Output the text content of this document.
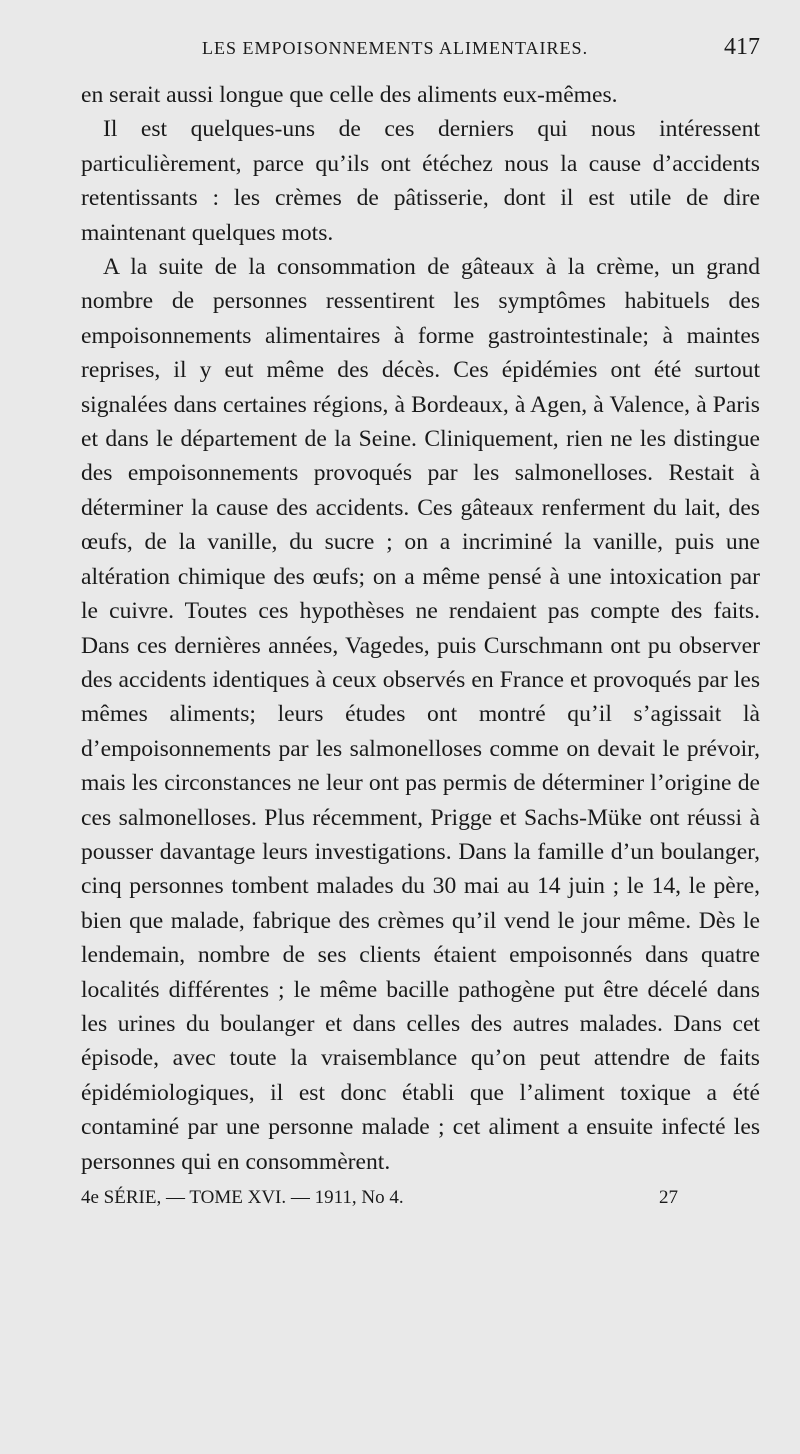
LES EMPOISONNEMENTS ALIMENTAIRES.	417

en serait aussi longue que celle des aliments eux-mêmes.

Il est quelques-uns de ces derniers qui nous intéressent particulièrement, parce qu’ils ont étéchez nous la cause d’accidents retentissants : les crèmes de pâtisserie, dont il est utile de dire maintenant quelques mots.

A la suite de la consommation de gâteaux à la crème, un grand nombre de personnes ressentirent les symptômes habituels des empoisonnements alimentaires à forme gastrointestinale; à maintes reprises, il y eut même des décès. Ces épidémies ont été surtout signalées dans certaines régions, à Bordeaux, à Agen, à Valence, à Paris et dans le département de la Seine. Cliniquement, rien ne les distingue des empoisonnements provoqués par les salmonelloses. Restait à déterminer la cause des accidents. Ces gâteaux renferment du lait, des œufs, de la vanille, du sucre ; on a incriminé la vanille, puis une altération chimique des œufs; on a même pensé à une intoxication par le cuivre. Toutes ces hypothèses ne rendaient pas compte des faits. Dans ces dernières années, Vagedes, puis Curschmann ont pu observer des accidents identiques à ceux observés en France et provoqués par les mêmes aliments; leurs études ont montré qu’il s’agissait là d’empoisonnements par les salmonelloses comme on devait le prévoir, mais les circonstances ne leur ont pas permis de déterminer l’origine de ces salmonelloses. Plus récemment, Prigge et Sachs-Müke ont réussi à pousser davantage leurs investigations. Dans la famille d’un boulanger, cinq personnes tombent malades du 30 mai au 14 juin ; le 14, le père, bien que malade, fabrique des crèmes qu’il vend le jour même. Dès le lendemain, nombre de ses clients étaient empoisonnés dans quatre localités différentes ; le même bacille pathogène put être décelé dans les urines du boulanger et dans celles des autres malades. Dans cet épisode, avec toute la vraisemblance qu’on peut attendre de faits épidémiologiques, il est donc établi que l’aliment toxique a été contaminé par une personne malade ; cet aliment a ensuite infecté les personnes qui en consommèrent.

4e SÉRIE, — TOME XVI. — 1911, No 4.	27
